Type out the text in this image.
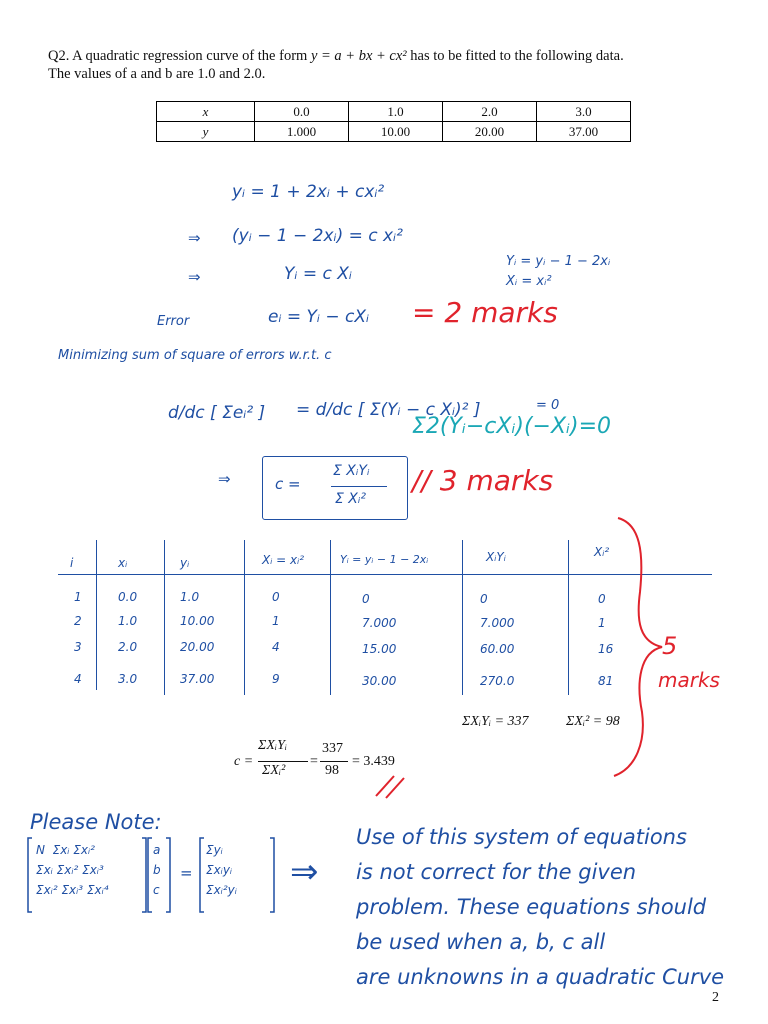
Q2. A quadratic regression curve of the form y = a + bx + cx² has to be fitted to the following data.
The values of a and b are 1.0 and 2.0.
x	0.0	1.0	2.0	3.0
y	1.000	10.00	20.00	37.00
yᵢ = 1 + 2xᵢ + cxᵢ²
⇒ (yᵢ − 1 − 2xᵢ) = c xᵢ²
⇒	Yᵢ = c Xᵢ
Yᵢ = yᵢ − 1 − 2xᵢ
Xᵢ = xᵢ²
Error	eᵢ = Yᵢ − cXᵢ = 2 marks
Minimizing sum of square of errors w.r.t. c
d/dc [ Σeᵢ² ] = d/dc [ Σ(Yᵢ − c Xᵢ)² ]	= 0
Σ2(Yᵢ−cXᵢ)(−Xᵢ)=0
⇒	c =
Σ XᵢYᵢ
Σ Xᵢ²
// 3 marks
i	xᵢ	yᵢ	Xᵢ = xᵢ²	Yᵢ = yᵢ − 1 − 2xᵢ	XᵢYᵢ	Xᵢ²
1	0.0	1.0	0	0	0	0
2	1.0	10.00	1	7.000	7.000	1
3	2.0	20.00	4	15.00	60.00	16
4	3.0	37.00	9	30.00	270.0	81
5
marks
ΣXᵢYᵢ = 337	ΣXᵢ² = 98
c =
ΣXᵢYᵢ
ΣXᵢ²
=
337
98
= 3.439
Please Note:
N Σxᵢ Σxᵢ²
Σxᵢ Σxᵢ² Σxᵢ³
Σxᵢ² Σxᵢ³ Σxᵢ⁴
a
b
c
=
Σyᵢ
Σxᵢyᵢ
Σxᵢ²yᵢ ⇒
Use of this system of equations
is not correct for the given
problem. These equations should
be used when a, b, c all
are unknowns in a quadratic Curve
2
